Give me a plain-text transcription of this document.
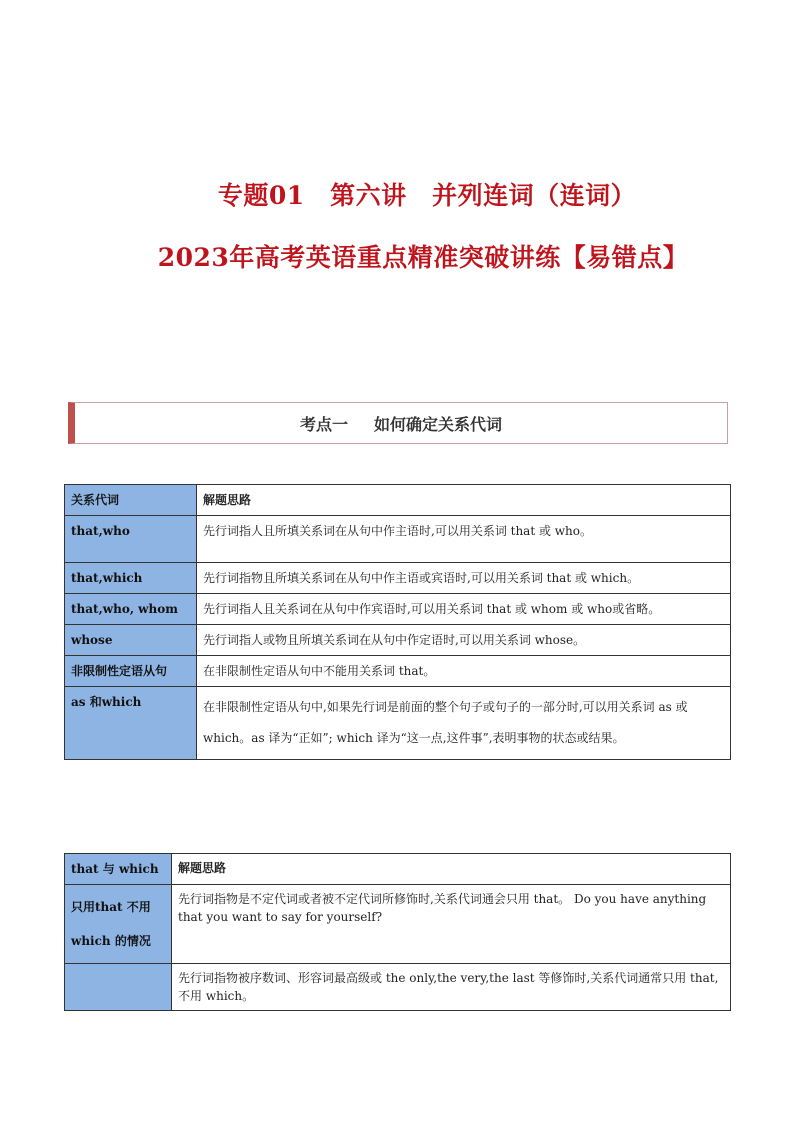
专题01　第六讲　并列连词（连词）
2023年高考英语重点精准突破讲练【易错点】
考点一 如何确定关系代词
关系代词	解题思路
that,who	先行词指人且所填关系词在从句中作主语时,可以用关系词 that 或 who。
that,which	先行词指物且所填关系词在从句中作主语或宾语时,可以用关系词 that 或 which。
that,who, whom	先行词指人且关系词在从句中作宾语时,可以用关系词 that 或 whom 或 who或省略。
whose	先行词指人或物且所填关系词在从句中作定语时,可以用关系词 whose。
非限制性定语从句	在非限制性定语从句中不能用关系词 that。
as 和which	在非限制性定语从句中,如果先行词是前面的整个句子或句子的一部分时,可以用关系词 as 或 which。as 译为“正如”; which 译为“这一点,这件事”,表明事物的状态或结果。
that 与 which	解题思路
只用that 不用 which 的情况	先行词指物是不定代词或者被不定代词所修饰时,关系代词通会只用 that。 Do you have anything that you want to say for yourself?
	先行词指物被序数词、形容词最高级或 the only,the very,the last 等修饰时,关系代词通常只用 that,不用 which。
